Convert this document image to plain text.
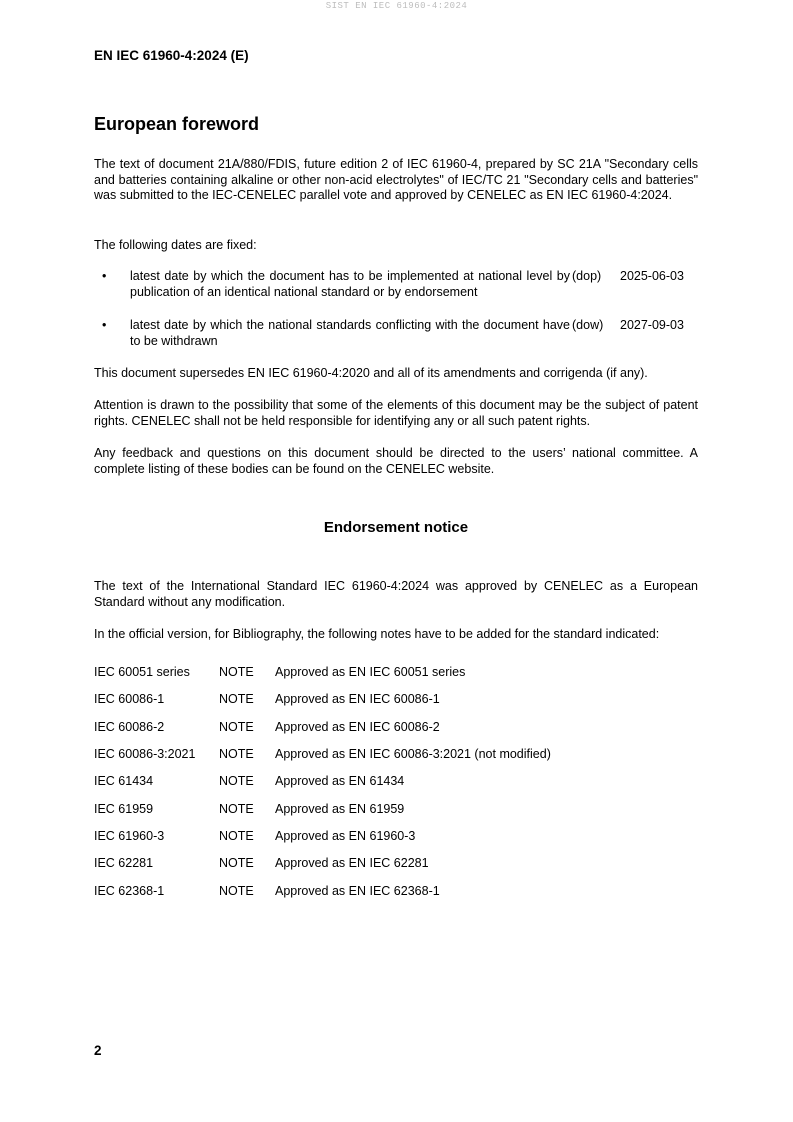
SIST EN IEC 61960-4:2024
EN IEC 61960-4:2024 (E)
European foreword

The text of document 21A/880/FDIS, future edition 2 of IEC 61960-4, prepared by SC 21A "Secondary cells and batteries containing alkaline or other non-acid electrolytes" of IEC/TC 21 "Secondary cells and batteries" was submitted to the IEC-CENELEC parallel vote and approved by CENELEC as EN IEC 61960-4:2024.

The following dates are fixed:

• latest date by which the document has to be implemented at national level by publication of an identical national standard or by endorsement
(dop) 2025-06-03
• latest date by which the national standards conflicting with the document have to be withdrawn
(dow) 2027-09-03

This document supersedes EN IEC 61960-4:2020 and all of its amendments and corrigenda (if any).

Attention is drawn to the possibility that some of the elements of this document may be the subject of patent rights. CENELEC shall not be held responsible for identifying any or all such patent rights.

Any feedback and questions on this document should be directed to the users’ national committee. A complete listing of these bodies can be found on the CENELEC website.

Endorsement notice

The text of the International Standard IEC 61960-4:2024 was approved by CENELEC as a European Standard without any modification.

In the official version, for Bibliography, the following notes have to be added for the standard indicated:

IEC 60051 series NOTE Approved as EN IEC 60051 series
IEC 60086-1	NOTE Approved as EN IEC 60086-1
IEC 60086-2	NOTE Approved as EN IEC 60086-2
IEC 60086-3:2021 NOTE Approved as EN IEC 60086-3:2021 (not modified)
IEC 61434	NOTE Approved as EN 61434
IEC 61959	NOTE Approved as EN 61959
IEC 61960-3	NOTE Approved as EN 61960-3
IEC 62281	NOTE Approved as EN IEC 62281
IEC 62368-1	NOTE Approved as EN IEC 62368-1
2
